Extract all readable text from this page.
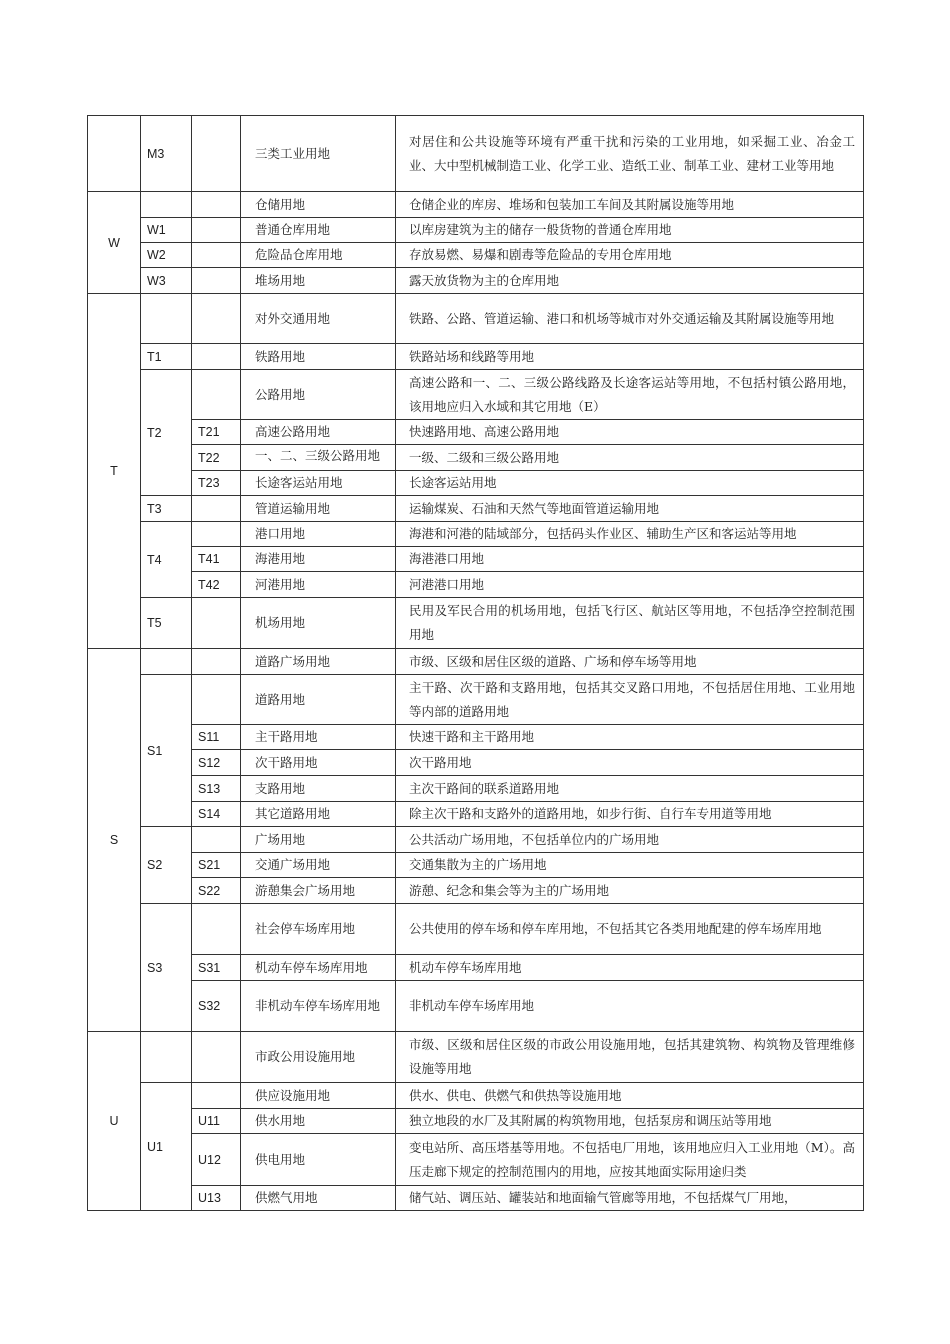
	M3		三类工业用地	对居住和公共设施等环境有严重干扰和污染的工业用地，如采掘工业、冶金工业、大中型机械制造工业、化学工业、造纸工业、制革工业、建材工业等用地
W			仓储用地	仓储企业的库房、堆场和包装加工车间及其附属设施等用地
	W1		普通仓库用地	以库房建筑为主的储存一般货物的普通仓库用地
	W2		危险品仓库用地	存放易燃、易爆和剧毒等危险品的专用仓库用地
	W3		堆场用地	露天放货物为主的仓库用地
T			对外交通用地	铁路、公路、管道运输、港口和机场等城市对外交通运输及其附属设施等用地
	T1		铁路用地	铁路站场和线路等用地
	T2		公路用地	高速公路和一、二、三级公路线路及长途客运站等用地，不包括村镇公路用地，该用地应归入水域和其它用地（E）
		T21	高速公路用地	快速路用地、高速公路用地
		T22	一、二、三级公路用地	一级、二级和三级公路用地
		T23	长途客运站用地	长途客运站用地
	T3		管道运输用地	运输煤炭、石油和天然气等地面管道运输用地
	T4		港口用地	海港和河港的陆域部分，包括码头作业区、辅助生产区和客运站等用地
		T41	海港用地	海港港口用地
		T42	河港用地	河港港口用地
	T5		机场用地	民用及军民合用的机场用地，包括飞行区、航站区等用地，不包括净空控制范围用地
S			道路广场用地	市级、区级和居住区级的道路、广场和停车场等用地
	S1		道路用地	主干路、次干路和支路用地，包括其交叉路口用地，不包括居住用地、工业用地等内部的道路用地
		S11	主干路用地	快速干路和主干路用地
		S12	次干路用地	次干路用地
		S13	支路用地	主次干路间的联系道路用地
		S14	其它道路用地	除主次干路和支路外的道路用地，如步行街、自行车专用道等用地
	S2		广场用地	公共活动广场用地，不包括单位内的广场用地
		S21	交通广场用地	交通集散为主的广场用地
		S22	游憩集会广场用地	游憩、纪念和集会等为主的广场用地
	S3		社会停车场库用地	公共使用的停车场和停车库用地，不包括其它各类用地配建的停车场库用地
		S31	机动车停车场库用地	机动车停车场库用地
		S32	非机动车停车场库用地	非机动车停车场库用地
U			市政公用设施用地	市级、区级和居住区级的市政公用设施用地，包括其建筑物、构筑物及管理维修设施等用地
	U1		供应设施用地	供水、供电、供燃气和供热等设施用地
		U11	供水用地	独立地段的水厂及其附属的构筑物用地，包括泵房和调压站等用地
		U12	供电用地	变电站所、高压塔基等用地。不包括电厂用地，该用地应归入工业用地（M）。高压走廊下规定的控制范围内的用地，应按其地面实际用途归类
		U13	供燃气用地	储气站、调压站、罐装站和地面输气管廊等用地，不包括煤气厂用地，
